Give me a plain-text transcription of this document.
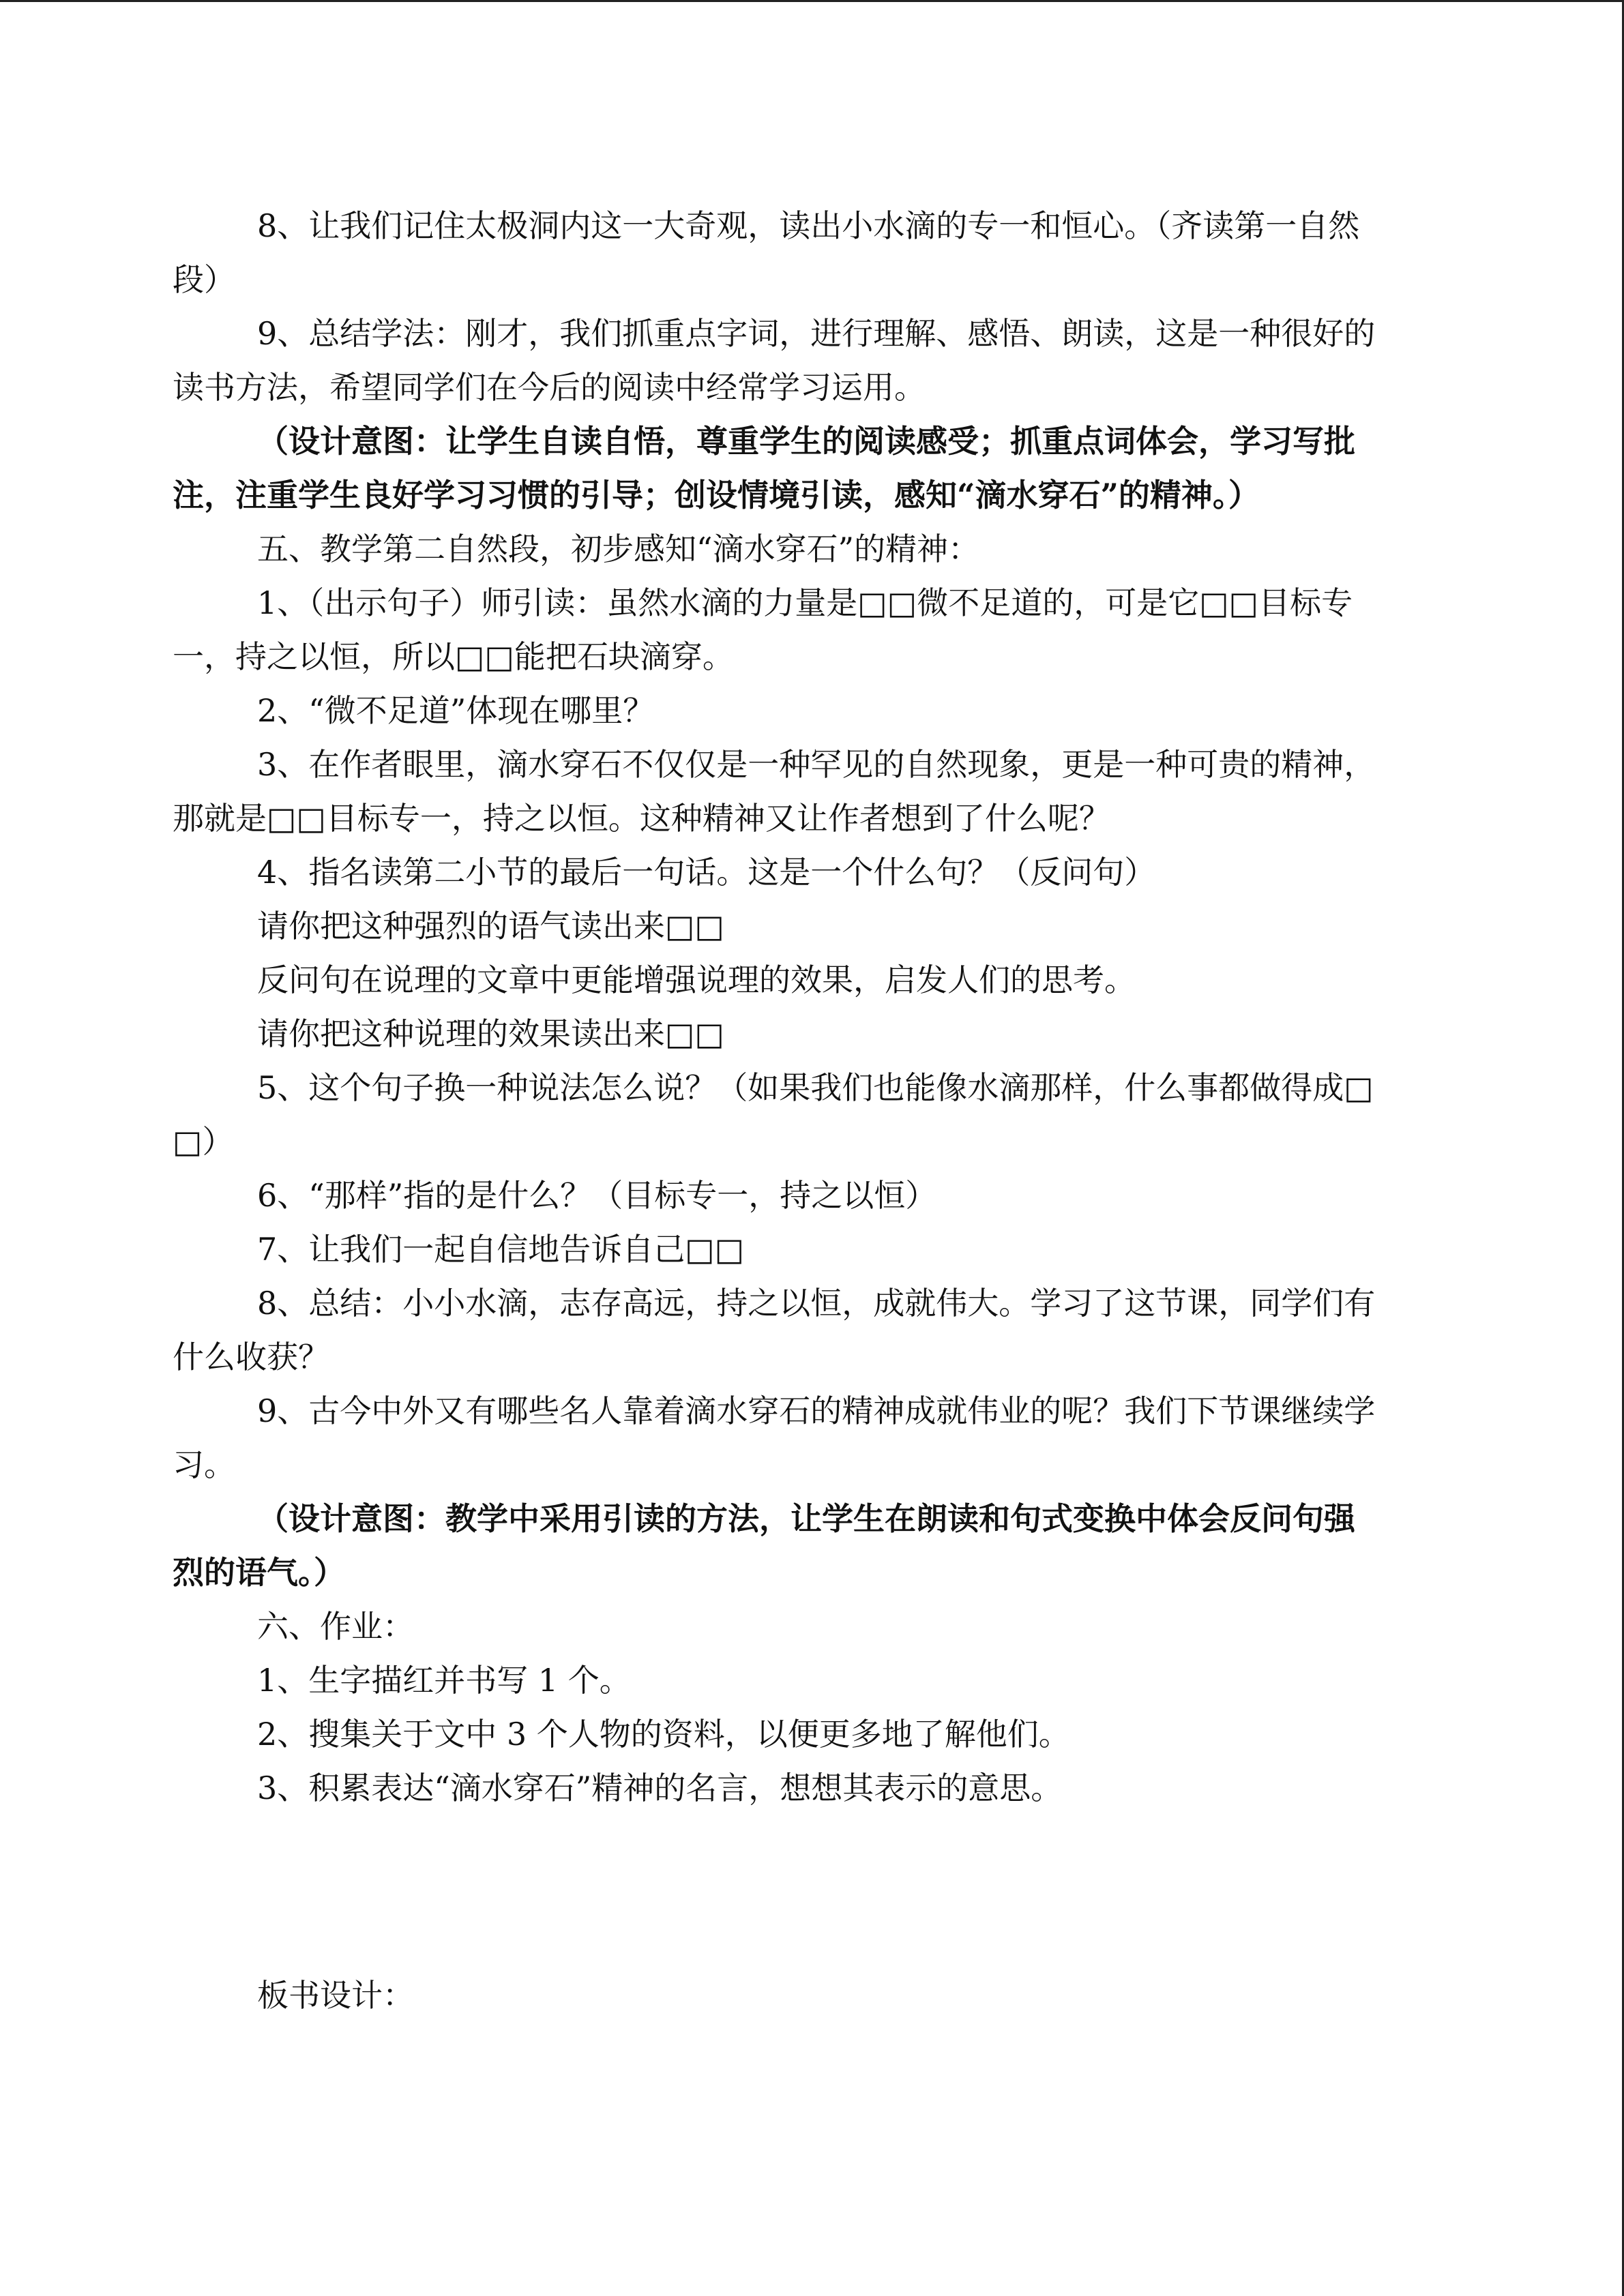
8、让我们记住太极洞内这一大奇观，读出小水滴的专一和恒心。（齐读第一自然段）

9、总结学法：刚才，我们抓重点字词，进行理解、感悟、朗读，这是一种很好的读书方法，希望同学们在今后的阅读中经常学习运用。

（设计意图：让学生自读自悟，尊重学生的阅读感受；抓重点词体会，学习写批注，注重学生良好学习习惯的引导；创设情境引读，感知“滴水穿石”的精神。）

五、教学第二自然段，初步感知“滴水穿石”的精神：

1、（出示句子）师引读：虽然水滴的力量是□□微不足道的，可是它□□目标专一，持之以恒，所以□□能把石块滴穿。

2、“微不足道”体现在哪里？

3、在作者眼里，滴水穿石不仅仅是一种罕见的自然现象，更是一种可贵的精神，那就是□□目标专一，持之以恒。这种精神又让作者想到了什么呢？

4、指名读第二小节的最后一句话。这是一个什么句？（反问句）

请你把这种强烈的语气读出来□□

反问句在说理的文章中更能增强说理的效果，启发人们的思考。

请你把这种说理的效果读出来□□

5、这个句子换一种说法怎么说？（如果我们也能像水滴那样，什么事都做得成□□）

6、“那样”指的是什么？（目标专一，持之以恒）

7、让我们一起自信地告诉自己□□

8、总结：小小水滴，志存高远，持之以恒，成就伟大。学习了这节课，同学们有什么收获？

9、古今中外又有哪些名人靠着滴水穿石的精神成就伟业的呢？我们下节课继续学习。

（设计意图：教学中采用引读的方法，让学生在朗读和句式变换中体会反问句强烈的语气。）

六、作业：

1、生字描红并书写 1 个。

2、搜集关于文中 3 个人物的资料，以便更多地了解他们。

3、积累表达“滴水穿石”精神的名言，想想其表示的意思。

板书设计：
